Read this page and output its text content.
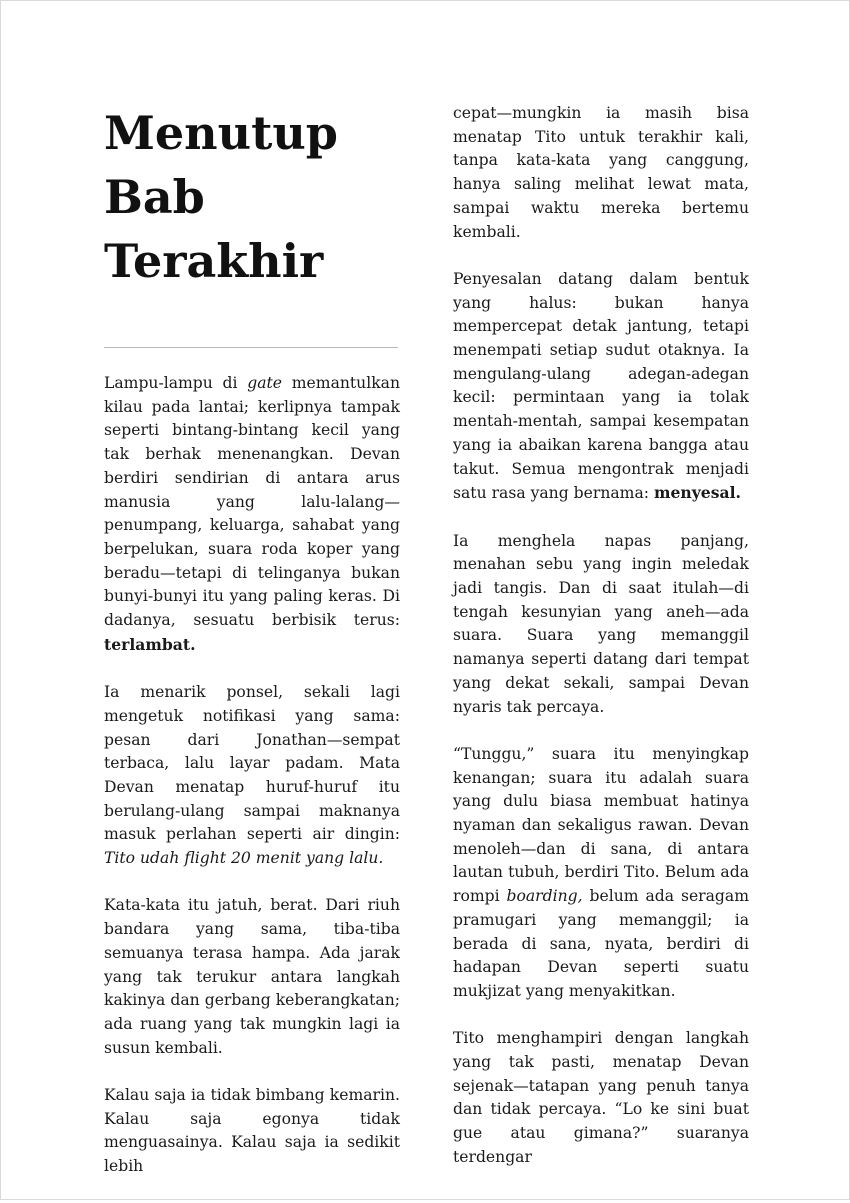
Menutup
Bab
Terakhir

Lampu-lampu di gate memantulkan kilau pada lantai; kerlipnya tampak seperti bintang-bintang kecil yang tak berhak menenangkan. Devan berdiri sendirian di antara arus manusia yang lalu-lalang—penumpang, keluarga, sahabat yang berpelukan, suara roda koper yang beradu—tetapi di telinganya bukan bunyi-bunyi itu yang paling keras. Di dadanya, sesuatu berbisik terus: terlambat.

Ia menarik ponsel, sekali lagi mengetuk notifikasi yang sama: pesan dari Jonathan—sempat terbaca, lalu layar padam. Mata Devan menatap huruf-huruf itu berulang-ulang sampai maknanya masuk perlahan seperti air dingin: Tito udah flight 20 menit yang lalu.

Kata-kata itu jatuh, berat. Dari riuh bandara yang sama, tiba-tiba semuanya terasa hampa. Ada jarak yang tak terukur antara langkah kakinya dan gerbang keberangkatan; ada ruang yang tak mungkin lagi ia susun kembali.

Kalau saja ia tidak bimbang kemarin. Kalau saja egonya tidak menguasainya. Kalau saja ia sedikit lebih

cepat—mungkin ia masih bisa menatap Tito untuk terakhir kali, tanpa kata-kata yang canggung, hanya saling melihat lewat mata, sampai waktu mereka bertemu kembali.

Penyesalan datang dalam bentuk yang halus: bukan hanya mempercepat detak jantung, tetapi menempati setiap sudut otaknya. Ia mengulang-ulang adegan-adegan kecil: permintaan yang ia tolak mentah-mentah, sampai kesempatan yang ia abaikan karena bangga atau takut. Semua mengontrak menjadi satu rasa yang bernama: menyesal.

Ia menghela napas panjang, menahan sebu yang ingin meledak jadi tangis. Dan di saat itulah—di tengah kesunyian yang aneh—ada suara. Suara yang memanggil namanya seperti datang dari tempat yang dekat sekali, sampai Devan nyaris tak percaya.

“Tunggu,” suara itu menyingkap kenangan; suara itu adalah suara yang dulu biasa membuat hatinya nyaman dan sekaligus rawan. Devan menoleh—dan di sana, di antara lautan tubuh, berdiri Tito. Belum ada rompi boarding, belum ada seragam pramugari yang memanggil; ia berada di sana, nyata, berdiri di hadapan Devan seperti suatu mukjizat yang menyakitkan.

Tito menghampiri dengan langkah yang tak pasti, menatap Devan sejenak—tatapan yang penuh tanya dan tidak percaya. “Lo ke sini buat gue atau gimana?” suaranya terdengar
